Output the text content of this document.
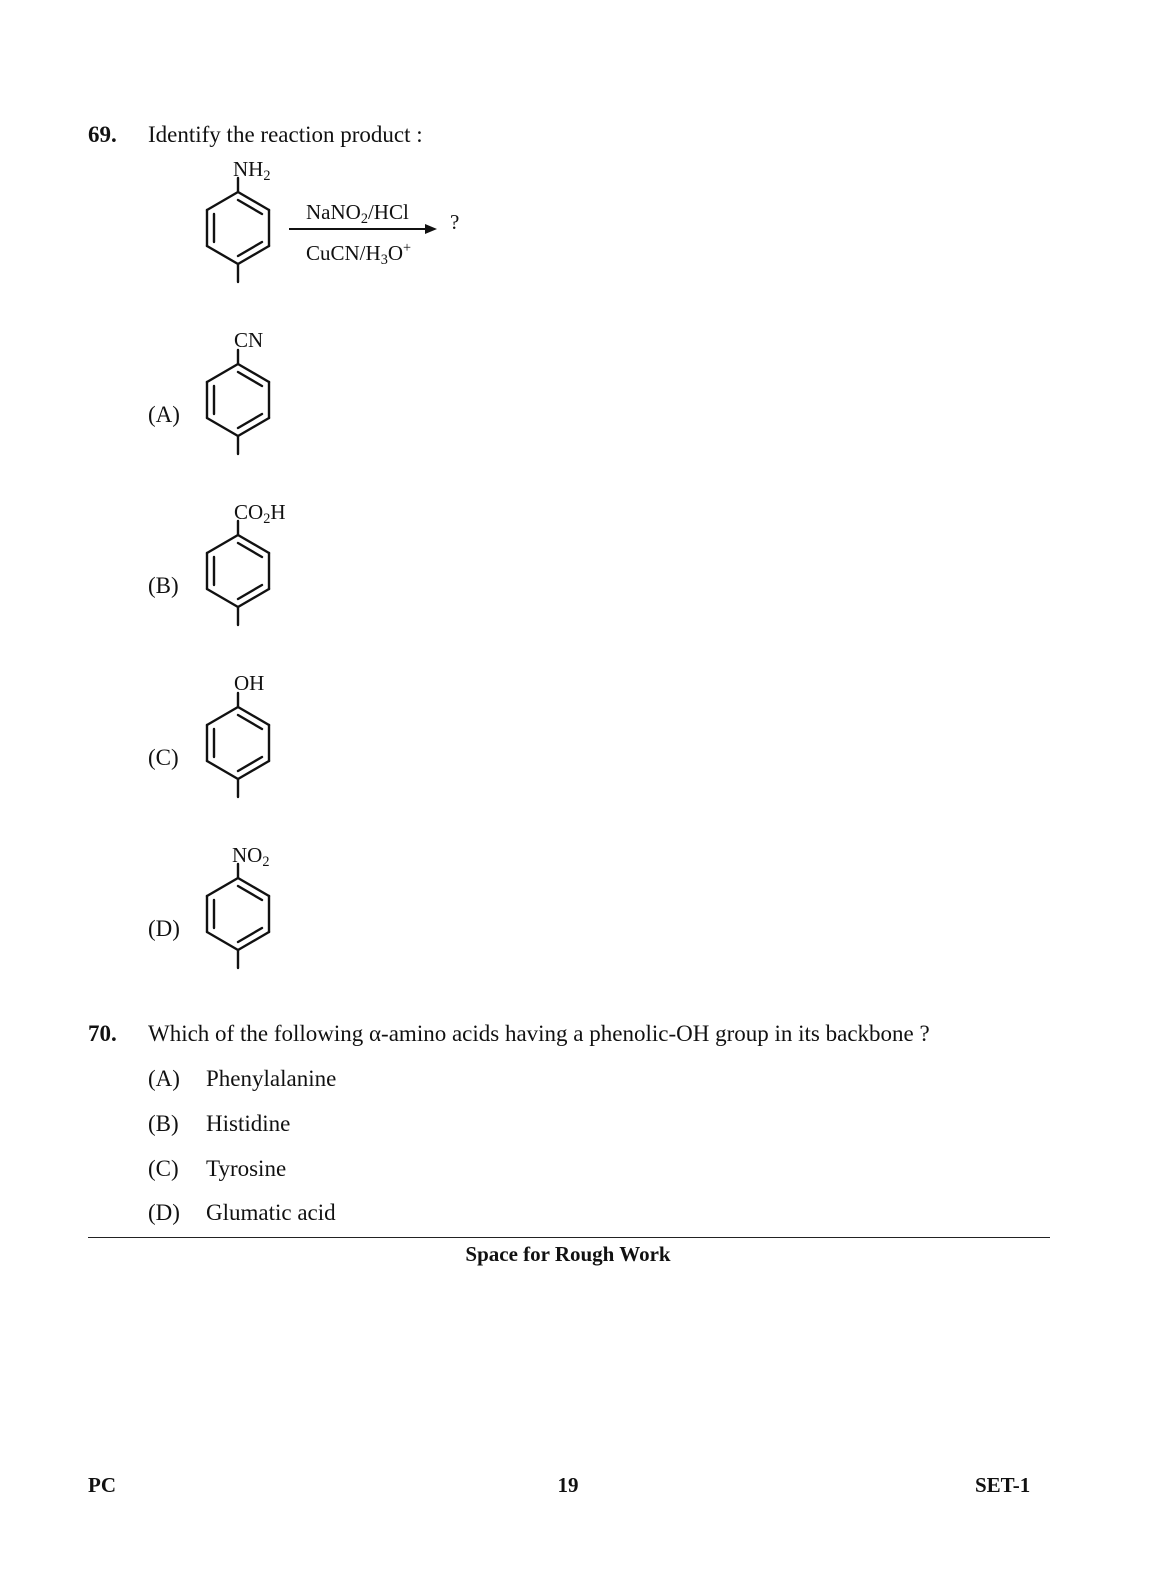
69. Identify the reaction product :
$NH_2$
NaNO$_2$/HCl
CuCN/$H_3O^+$
?
(A)
CN
(B)
$CO_2H$
(C)
OH
(D)
$NO_2$
70. Which of the following α-amino acids having a phenolic-OH group in its backbone ?
(A)	Phenylalanine
(B)	Histidine
(C)	Tyrosine
(D)	Glumatic acid
Space for Rough Work
PC	19	SET-1
